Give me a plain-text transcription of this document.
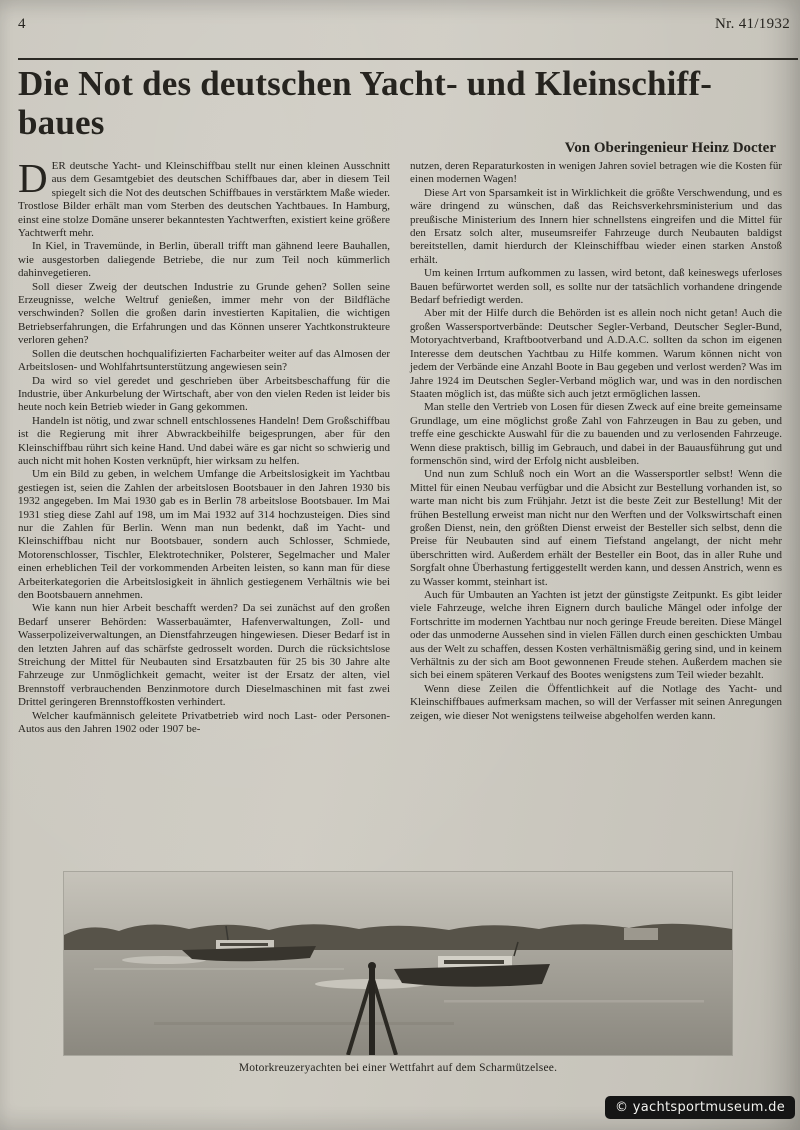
4	Nr. 41/1932
Die Not des deutschen Yacht- und Kleinschiff-
baues
Von Oberingenieur Heinz Docter

DER deutsche Yacht- und Kleinschiffbau stellt nur einen kleinen Ausschnitt aus dem Gesamtgebiet des deutschen Schiffbaues dar, aber in diesem Teil spiegelt sich die Not des deutschen Schiffbaues in verstärktem Maße wieder. Trostlose Bilder erhält man vom Sterben des deutschen Yachtbaues. In Hamburg, einst eine stolze Domäne unserer bekanntesten Yachtwerften, existiert keine größere Yachtwerft mehr.

In Kiel, in Travemünde, in Berlin, überall trifft man gähnend leere Bauhallen, wie ausgestorben daliegende Betriebe, die nur zum Teil noch kümmerlich dahinvegetieren.

Soll dieser Zweig der deutschen Industrie zu Grunde gehen? Sollen seine Erzeugnisse, welche Weltruf genießen, immer mehr von der Bildfläche verschwinden? Sollen die großen darin investierten Kapitalien, die wichtigen Betriebserfahrungen, die Erfahrungen und das Können unserer Yachtkonstrukteure verloren gehen?

Sollen die deutschen hochqualifizierten Facharbeiter weiter auf das Almosen der Arbeitslosen- und Wohlfahrtsunterstützung angewiesen sein?

Da wird so viel geredet und geschrieben über Arbeitsbeschaffung für die Industrie, über Ankurbelung der Wirtschaft, aber von den vielen Reden ist leider bis heute noch kein Betrieb wieder in Gang gekommen.

Handeln ist nötig, und zwar schnell entschlossenes Handeln! Dem Großschiffbau ist die Regierung mit ihrer Abwrackbeihilfe beigesprungen, aber für den Kleinschiffbau rührt sich keine Hand. Und dabei wäre es gar nicht so schwierig und auch nicht mit hohen Kosten verknüpft, hier wirksam zu helfen.

Um ein Bild zu geben, in welchem Umfange die Arbeitslosigkeit im Yachtbau gestiegen ist, seien die Zahlen der arbeitslosen Bootsbauer in den Jahren 1930 bis 1932 angegeben. Im Mai 1930 gab es in Berlin 78 arbeitslose Bootsbauer. Im Mai 1931 stieg diese Zahl auf 198, um im Mai 1932 auf 314 hochzusteigen. Dies sind nur die Zahlen für Berlin. Wenn man nun bedenkt, daß im Yacht- und Kleinschiffbau nicht nur Bootsbauer, sondern auch Schlosser, Schmiede, Motorenschlosser, Tischler, Elektrotechniker, Polsterer, Segelmacher und Maler einen erheblichen Teil der vorkommenden Arbeiten leisten, so kann man für diese Arbeiterkategorien die Arbeitslosigkeit in ähnlich gestiegenem Verhältnis wie bei den Bootsbauern annehmen.

Wie kann nun hier Arbeit beschafft werden? Da sei zunächst auf den großen Bedarf unserer Behörden: Wasserbauämter, Hafenverwaltungen, Zoll- und Wasserpolizeiverwaltungen, an Dienstfahrzeugen hingewiesen. Dieser Bedarf ist in den letzten Jahren auf das schärfste gedrosselt worden. Durch die rücksichtslose Streichung der Mittel für Neubauten sind Ersatzbauten für 25 bis 30 Jahre alte Fahrzeuge zur Unmöglichkeit gemacht, weiter ist der Ersatz der alten, viel Brennstoff verbrauchenden Benzinmotore durch Dieselmaschinen mit fast zwei Drittel geringeren Brennstoffkosten verhindert.

Welcher kaufmännisch geleitete Privatbetrieb wird noch Last- oder Personen-Autos aus den Jahren 1902 oder 1907 be-

nutzen, deren Reparaturkosten in wenigen Jahren soviel betragen wie die Kosten für einen modernen Wagen!

Diese Art von Sparsamkeit ist in Wirklichkeit die größte Verschwendung, und es wäre dringend zu wünschen, daß das Reichsverkehrsministerium und das preußische Ministerium des Innern hier schnellstens eingreifen und die Mittel für den Ersatz solch alter, museumsreifer Fahrzeuge durch Neubauten baldigst bereitstellen, damit hierdurch der Kleinschiffbau wieder einen starken Anstoß erhält.

Um keinen Irrtum aufkommen zu lassen, wird betont, daß keineswegs uferloses Bauen befürwortet werden soll, es sollte nur der tatsächlich vorhandene dringende Bedarf befriedigt werden.

Aber mit der Hilfe durch die Behörden ist es allein noch nicht getan! Auch die großen Wassersportverbände: Deutscher Segler-Verband, Deutscher Segler-Bund, Motoryachtverband, Kraftbootverband und A.D.A.C. sollten da schon im eigenen Interesse dem deutschen Yachtbau zu Hilfe kommen. Warum können nicht von jedem der Verbände eine Anzahl Boote in Bau gegeben und verlost werden? Was im Jahre 1924 im Deutschen Segler-Verband möglich war, und was in den nordischen Staaten möglich ist, das müßte sich auch jetzt ermöglichen lassen.

Man stelle den Vertrieb von Losen für diesen Zweck auf eine breite gemeinsame Grundlage, um eine möglichst große Zahl von Fahrzeugen in Bau zu geben, und treffe eine geschickte Auswahl für die zu bauenden und zu verlosenden Fahrzeuge. Wenn diese praktisch, billig im Gebrauch, und dabei in der Bauausführung gut und formenschön sind, wird der Erfolg nicht ausbleiben.

Und nun zum Schluß noch ein Wort an die Wassersportler selbst! Wenn die Mittel für einen Neubau verfügbar und die Absicht zur Bestellung vorhanden ist, so warte man nicht bis zum Frühjahr. Jetzt ist die beste Zeit zur Bestellung! Mit der frühen Bestellung erweist man nicht nur den Werften und der Volkswirtschaft einen großen Dienst, nein, den größten Dienst erweist der Besteller sich selbst, denn die Preise für Neubauten sind auf einem Tiefstand angelangt, der nicht mehr überschritten wird. Außerdem erhält der Besteller ein Boot, das in aller Ruhe und Sorgfalt ohne Überhastung fertiggestellt werden kann, und dessen Anstrich, wenn es zu Wasser kommt, steinhart ist.

Auch für Umbauten an Yachten ist jetzt der günstigste Zeitpunkt. Es gibt leider viele Fahrzeuge, welche ihren Eignern durch bauliche Mängel oder infolge der Fortschritte im modernen Yachtbau nur noch geringe Freude bereiten. Diese Mängel oder das unmoderne Aussehen sind in vielen Fällen durch einen geschickten Umbau aus der Welt zu schaffen, dessen Kosten verhältnismäßig gering sind, und in keinem Verhältnis zu der sich am Boot gewonnenen Freude stehen. Außerdem machen sie sich bei einem späteren Verkauf des Bootes wenigstens zum Teil wieder bezahlt.

Wenn diese Zeilen die Öffentlichkeit auf die Notlage des Yacht- und Kleinschiffbaues aufmerksam machen, so will der Verfasser mit seinen Anregungen zeigen, wie dieser Not wenigstens teilweise abgeholfen werden kann.

Motorkreuzeryachten bei einer Wettfahrt auf dem Scharmützelsee.
© yachtsportmuseum.de
